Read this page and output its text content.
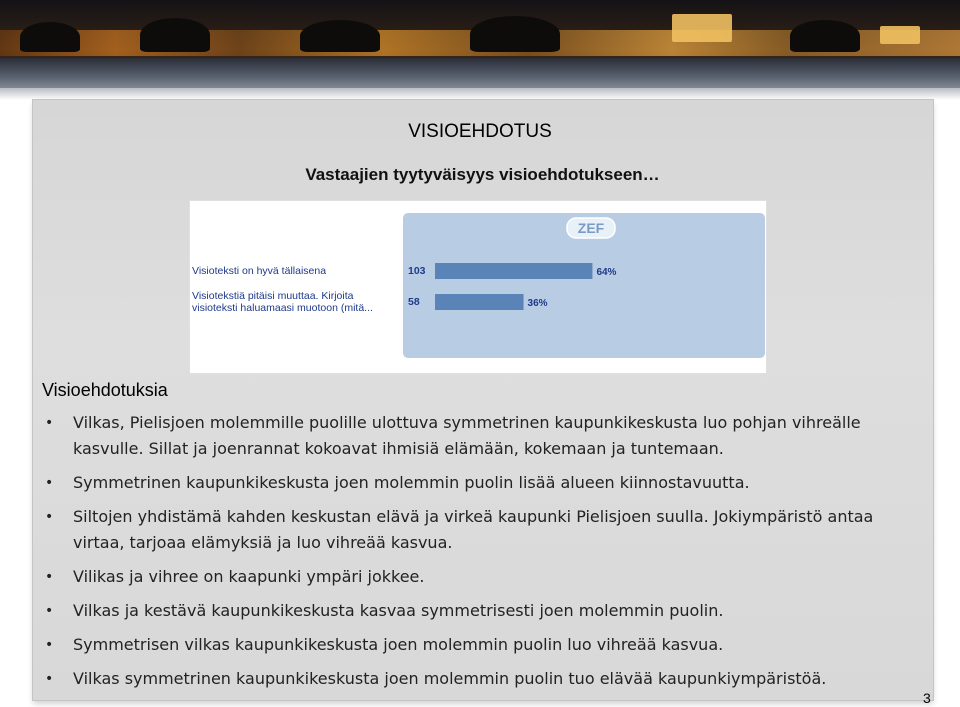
VISIOEHDOTUS
Vastaajien tyytyväisyys visioehdotukseen…
ZEF
Visioteksti on hyvä tällaisena	103	64%
Visiotekstiä pitäisi muuttaa. Kirjoita
visioteksti haluamaasi muotoon (mitä...	58	36%
Visioehdotuksia
• Vilkas, Pielisjoen molemmille puolille ulottuva symmetrinen kaupunkikeskusta luo pohjan vihreälle kasvulle. Sillat ja joenrannat kokoavat ihmisiä elämään, kokemaan ja tuntemaan.
• Symmetrinen kaupunkikeskusta joen molemmin puolin lisää alueen kiinnostavuutta.
• Siltojen yhdistämä kahden keskustan elävä ja virkeä kaupunki Pielisjoen suulla. Jokiympäristö antaa virtaa, tarjoaa elämyksiä ja luo vihreää kasvua.
• Vilikas ja vihree on kaapunki ympäri jokkee.
• Vilkas ja kestävä kaupunkikeskusta kasvaa symmetrisesti joen molemmin puolin.
• Symmetrisen vilkas kaupunkikeskusta joen molemmin puolin luo vihreää kasvua.
• Vilkas symmetrinen kaupunkikeskusta joen molemmin puolin tuo elävää kaupunkiympäristöä.
3
